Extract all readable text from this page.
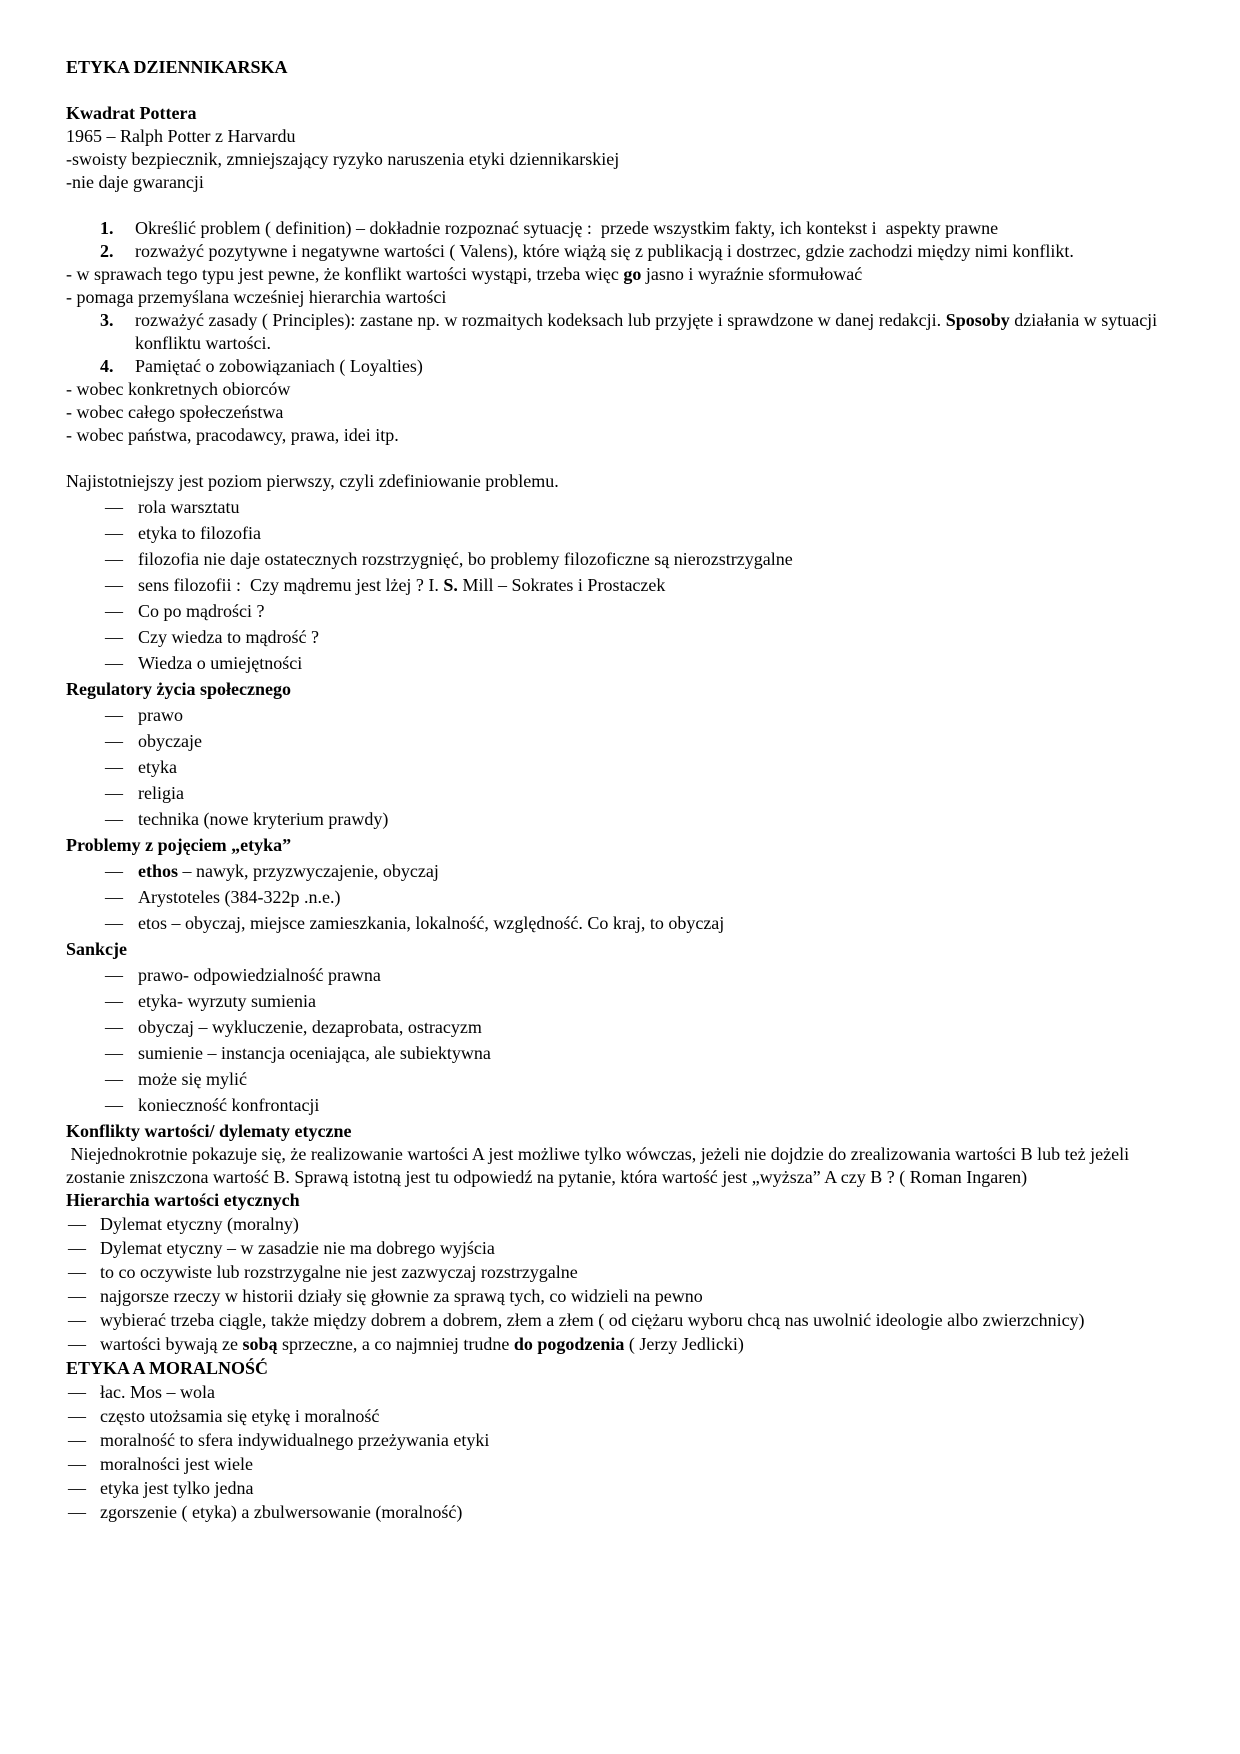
ETYKA DZIENNIKARSKA
Kwadrat Pottera
1965 – Ralph Potter z Harvardu
-swoisty bezpiecznik, zmniejszający ryzyko naruszenia etyki dziennikarskiej
-nie daje gwarancji
1. Określić problem ( definition) – dokładnie rozpoznać sytuację :  przede wszystkim fakty, ich kontekst i  aspekty prawne
2. rozważyć pozytywne i negatywne wartości ( Valens), które wiążą się z publikacją i dostrzec, gdzie zachodzi między nimi konflikt.
- w sprawach tego typu jest pewne, że konflikt wartości wystąpi, trzeba więc go jasno i wyraźnie sformułować
- pomaga przemyślana wcześniej hierarchia wartości
3. rozważyć zasady ( Principles): zastane np. w rozmaitych kodeksach lub przyjęte i sprawdzone w danej redakcji. Sposoby działania w sytuacji konfliktu wartości.
4. Pamiętać o zobowiązaniach ( Loyalties)
- wobec konkretnych obiorców
- wobec całego społeczeństwa
- wobec państwa, pracodawcy, prawa, idei itp.
Najistotniejszy jest poziom pierwszy, czyli zdefiniowanie problemu.
— rola warsztatu
— etyka to filozofia
— filozofia nie daje ostatecznych rozstrzygnięć, bo problemy filozoficzne są nierozstrzygalne
— sens filozofii :  Czy mądremu jest lżej ? I. S. Mill – Sokrates i Prostaczek
— Co po mądrości ?
— Czy wiedza to mądrość ?
— Wiedza o umiejętności
Regulatory życia społecznego
— prawo
— obyczaje
— etyka
— religia
— technika (nowe kryterium prawdy)
Problemy z pojęciem „etyka”
— ethos – nawyk, przyzwyczajenie, obyczaj
— Arystoteles (384-322p .n.e.)
— etos – obyczaj, miejsce zamieszkania, lokalność, względność. Co kraj, to obyczaj
Sankcje
— prawo- odpowiedzialność prawna
— etyka- wyrzuty sumienia
— obyczaj – wykluczenie, dezaprobata, ostracyzm
— sumienie – instancja oceniająca, ale subiektywna
— może się mylić
— konieczność konfrontacji
Konflikty wartości/ dylematy etyczne
Niejednokrotnie pokazuje się, że realizowanie wartości A jest możliwe tylko wówczas, jeżeli nie dojdzie do zrealizowania wartości B lub też jeżeli zostanie zniszczona wartość B. Sprawą istotną jest tu odpowiedź na pytanie, która wartość jest „wyższa” A czy B ? ( Roman Ingaren)
Hierarchia wartości etycznych
— Dylemat etyczny (moralny)
— Dylemat etyczny – w zasadzie nie ma dobrego wyjścia
— to co oczywiste lub rozstrzygalne nie jest zazwyczaj rozstrzygalne
— najgorsze rzeczy w historii działy się głownie za sprawą tych, co widzieli na pewno
— wybierać trzeba ciągle, także między dobrem a dobrem, złem a złem ( od ciężaru wyboru chcą nas uwolnić ideologie albo zwierzchnicy)
— wartości bywają ze sobą sprzeczne, a co najmniej trudne do pogodzenia ( Jerzy Jedlicki)
ETYKA A MORALNOŚĆ
— łac. Mos – wola
— często utożsamia się etykę i moralność
— moralność to sfera indywidualnego przeżywania etyki
— moralności jest wiele
— etyka jest tylko jedna
— zgorszenie ( etyka) a zbulwersowanie (moralność)
